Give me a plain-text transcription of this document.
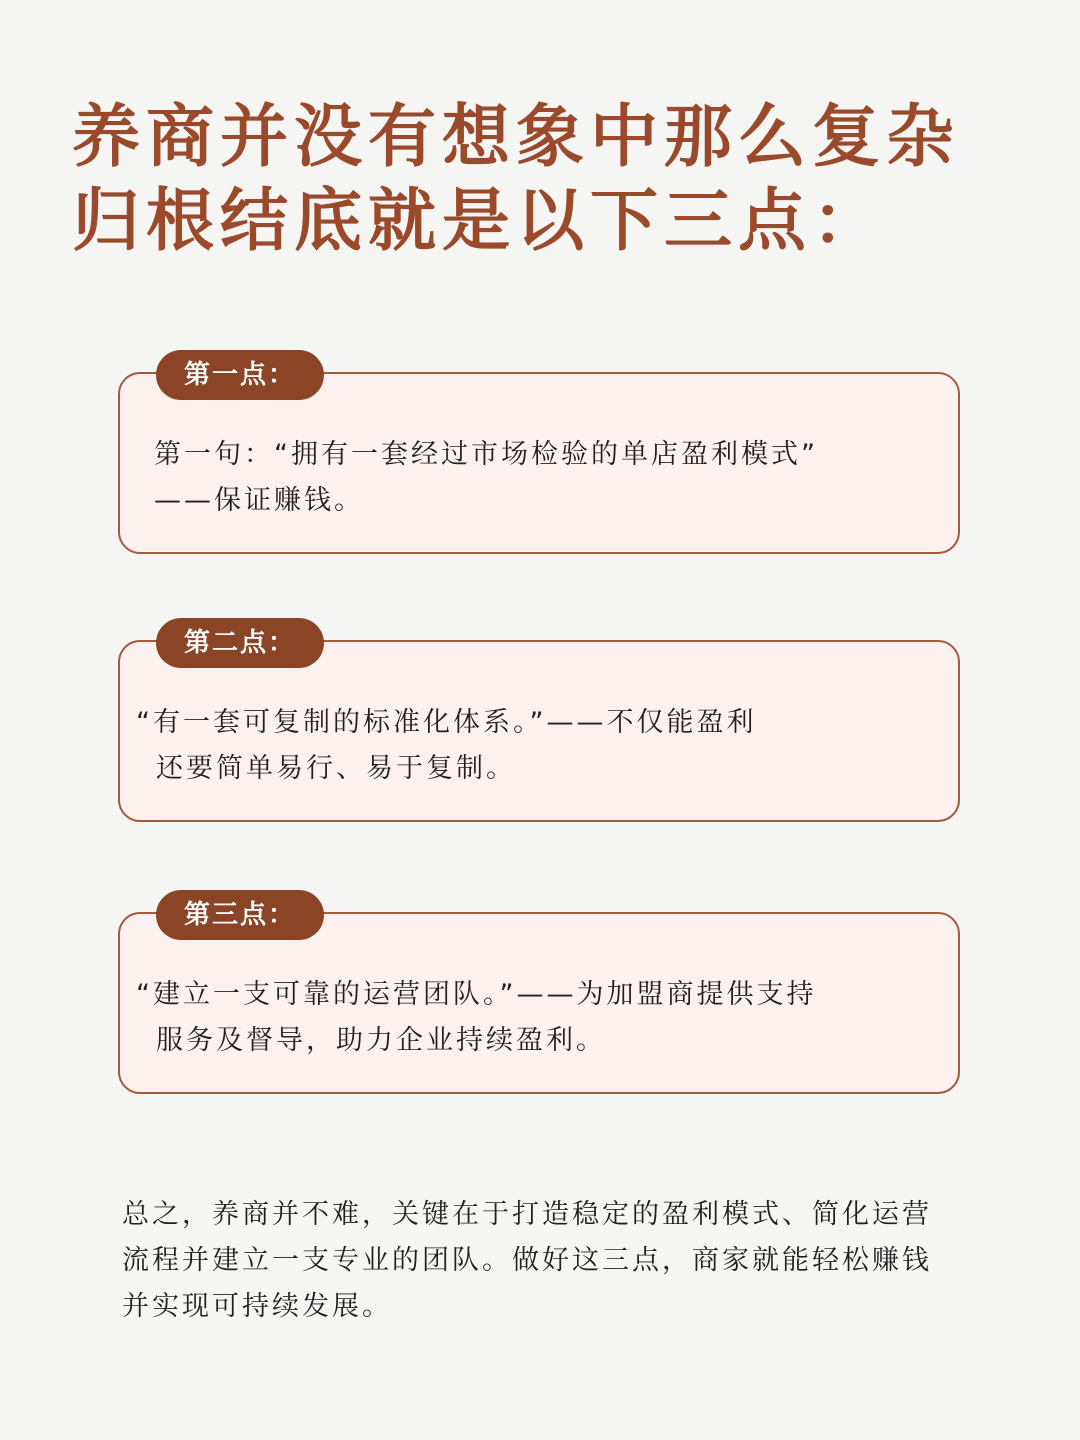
养商并没有想象中那么复杂
归根结底就是以下三点：
第一点：
第一句：“拥有一套经过市场检验的单店盈利模式”
——保证赚钱。
第二点：
“有一套可复制的标准化体系。”——不仅能盈利
还要简单易行、易于复制。
第三点：
“建立一支可靠的运营团队。”——为加盟商提供支持
服务及督导，助力企业持续盈利。
总之，养商并不难，关键在于打造稳定的盈利模式、简化运营
流程并建立一支专业的团队。做好这三点，商家就能轻松赚钱
并实现可持续发展。
